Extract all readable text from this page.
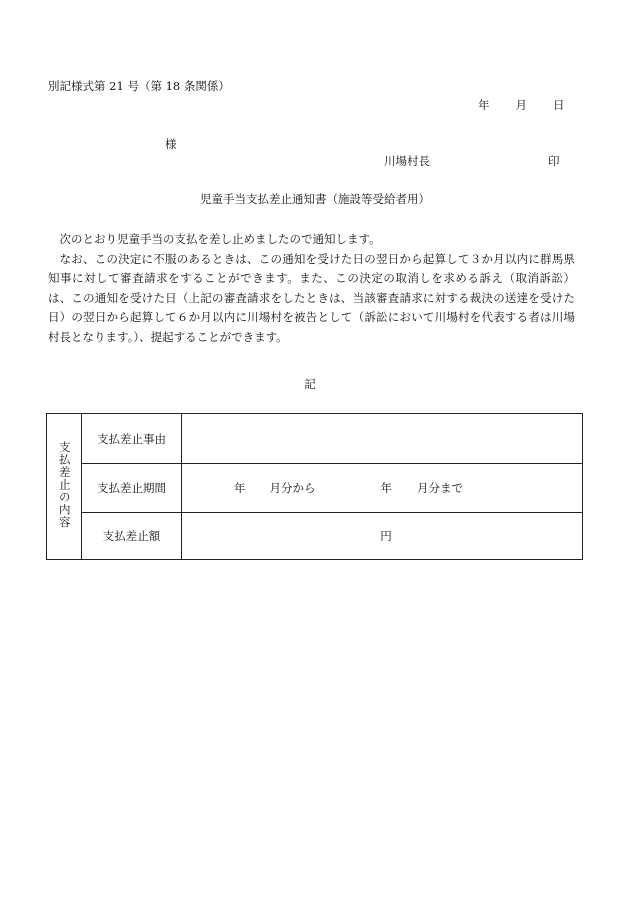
別記様式第 21 号（第 18 条関係）
年 月 日
様
川場村長	印
児童手当支払差止通知書（施設等受給者用）

次のとおり児童手当の支払を差し止めましたので通知します。

なお、この決定に不服のあるときは、この通知を受けた日の翌日から起算して３か月以内に群馬県知事に対して審査請求をすることができます。また、この決定の取消しを求める訴え（取消訴訟）は、この通知を受けた日（上記の審査請求をしたときは、当該審査請求に対する裁決の送達を受けた日）の翌日から起算して６か月以内に川場村を被告として（訴訟において川場村を代表する者は川場村長となります。）、提起することができます。

記
支払差止の内容	支払差止事由	
	支払差止期間	年 月分から 年 月分まで
	支払差止額	円
